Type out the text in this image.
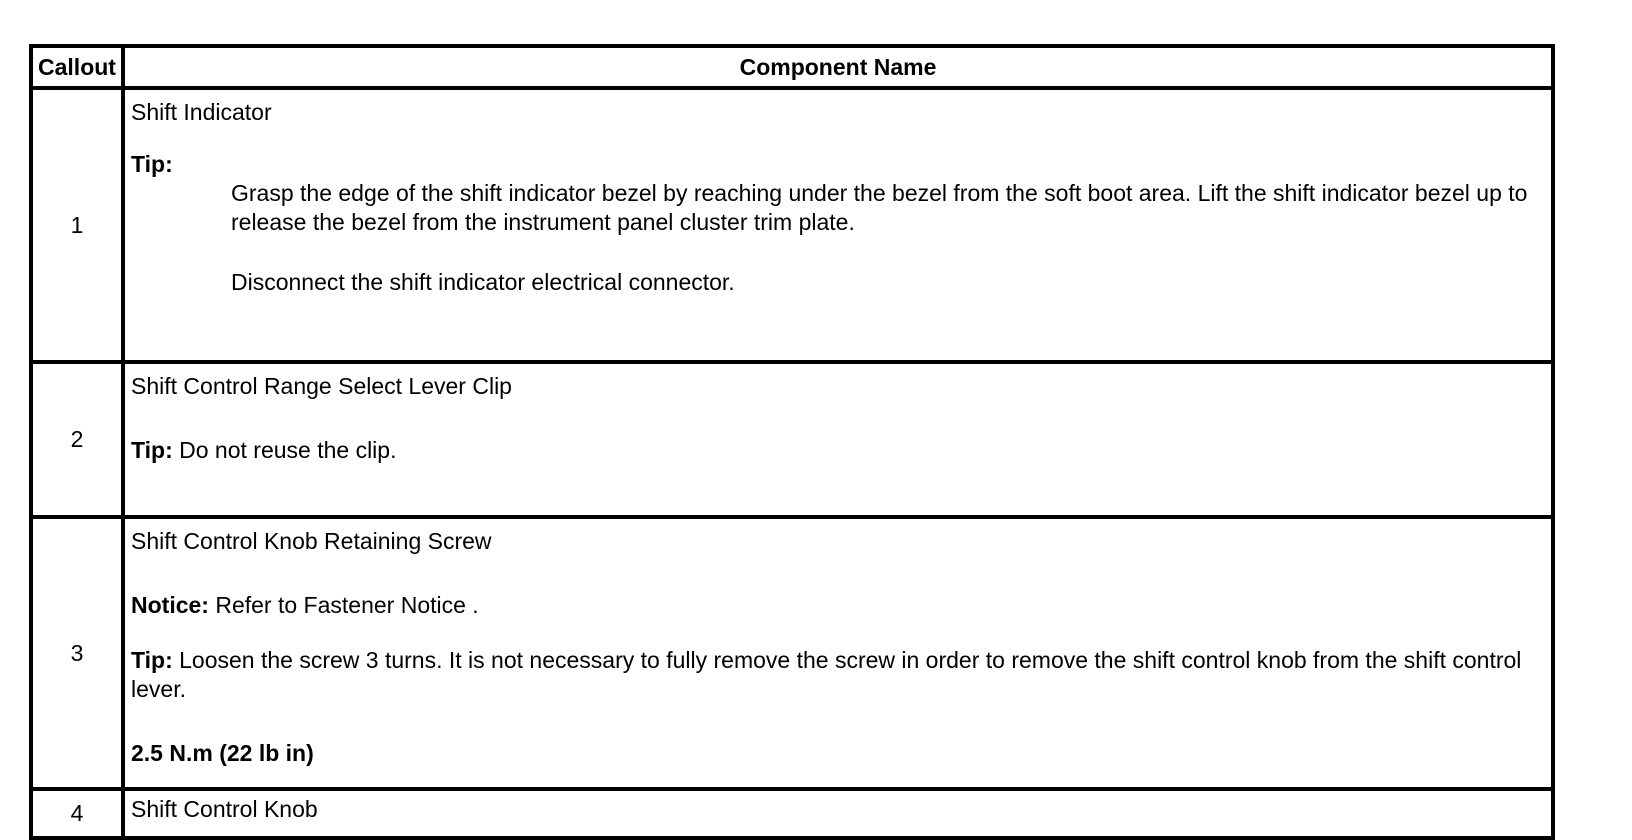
Callout	Component Name
1	Shift Indicator

Tip:

Grasp the edge of the shift indicator bezel by reaching under the bezel from the soft boot area. Lift the shift indicator bezel up to release the bezel from the instrument panel cluster trim plate.

Disconnect the shift indicator electrical connector.

2	Shift Control Range Select Lever Clip

Tip: Do not reuse the clip.

3	Shift Control Knob Retaining Screw

Notice: Refer to Fastener Notice .

Tip: Loosen the screw 3 turns. It is not necessary to fully remove the screw in order to remove the shift control knob from the shift control lever.

2.5 N.m (22 lb in)

4	Shift Control Knob
